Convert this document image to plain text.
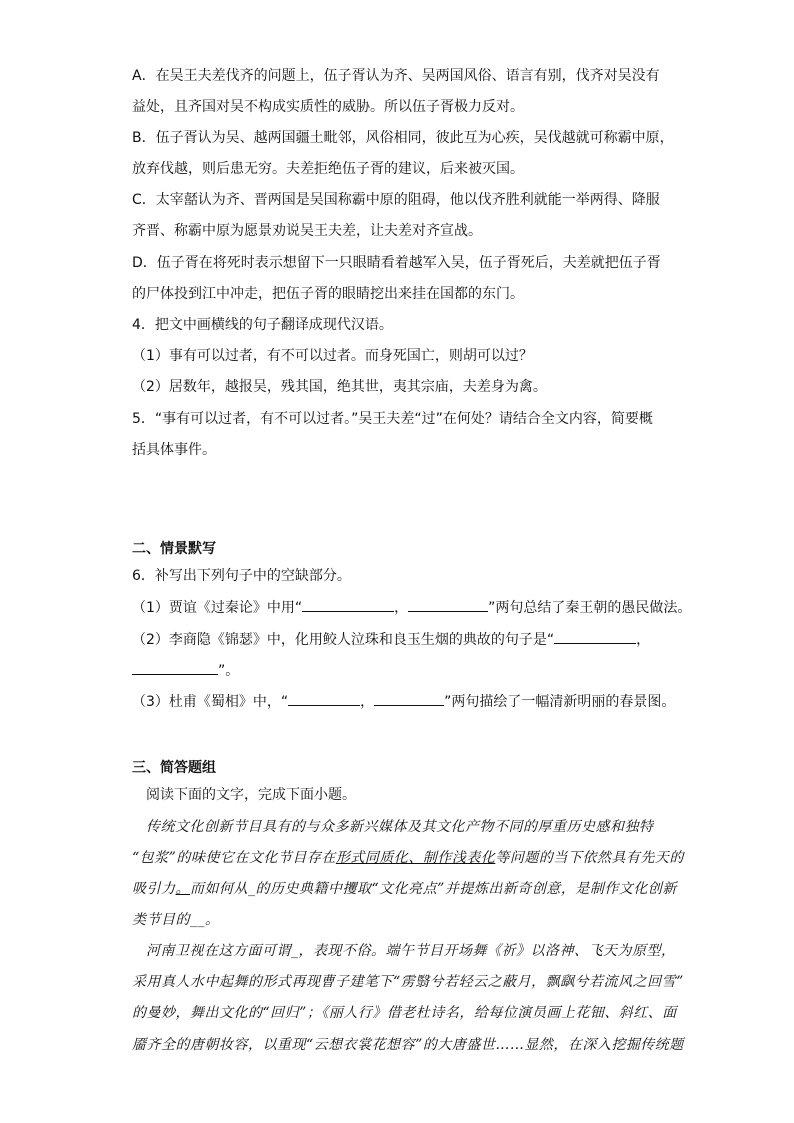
A．在吴王夫差伐齐的问题上，伍子胥认为齐、吴两国风俗、语言有别，伐齐对吴没有
益处，且齐国对吴不构成实质性的威胁。所以伍子胥极力反对。
B．伍子胥认为吴、越两国疆土毗邻，风俗相同，彼此互为心疾，吴伐越就可称霸中原，
放弃伐越，则后患无穷。夫差拒绝伍子胥的建议，后来被灭国。
C．太宰嚭认为齐、晋两国是吴国称霸中原的阻碍，他以伐齐胜利就能一举两得、降服
齐晋、称霸中原为愿景劝说吴王夫差，让夫差对齐宣战。
D．伍子胥在将死时表示想留下一只眼睛看着越军入吴，伍子胥死后，夫差就把伍子胥
的尸体投到江中冲走，把伍子胥的眼睛挖出来挂在国都的东门。
4．把文中画横线的句子翻译成现代汉语。
（1）事有可以过者，有不可以过者。而身死国亡，则胡可以过？
（2）居数年，越报吴，残其国，绝其世，夷其宗庙，夫差身为禽。
5．“事有可以过者，有不可以过者。”吴王夫差“过”在何处？请结合全文内容，简要概
括具体事件。
二、情景默写
6．补写出下列句子中的空缺部分。
（1）贾谊《过秦论》中用“	，	”两句总结了秦王朝的愚民做法。
（2）李商隐《锦瑟》中，化用鲛人泣珠和良玉生烟的典故的句子是“	，
”。
（3）杜甫《蜀相》中，“	，	”两句描绘了一幅清新明丽的春景图。
三、简答题组
阅读下面的文字，完成下面小题。
传统文化创新节目具有的与众多新兴媒体及其文化产物不同的厚重历史感和独特
“包浆”的味使它在文化节目存在形式同质化、制作浅表化等问题的当下依然具有先天的
吸引力。而如何从_的历史典籍中攫取“文化亮点”并提炼出新奇创意，是制作文化创新
类节目的__。
河南卫视在这方面可谓_，表现不俗。端午节目开场舞《祈》以洛神、飞天为原型，
采用真人水中起舞的形式再现曹子建笔下“雳翳兮若轻云之蔽月，飘飖兮若流风之回雪”
的曼妙，舞出文化的“回归”；《丽人行》借老杜诗名，给每位演员画上花钿、斜红、面
靥齐全的唐朝妆容，以重现“云想衣裳花想容”的大唐盛世……显然，在深入挖掘传统题
